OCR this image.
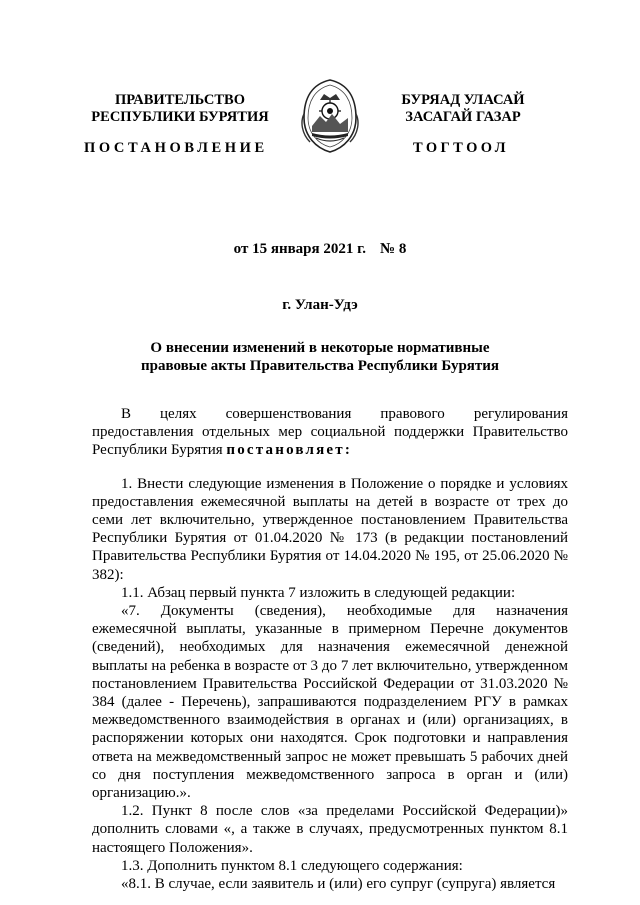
ПРАВИТЕЛЬСТВО
РЕСПУБЛИКИ БУРЯТИЯ
БУРЯАД УЛАСАЙ
ЗАСАГАЙ ГАЗАР
ПОСТАНОВЛЕНИЕ	ТОГТООЛ
от 15 января 2021 г. № 8
г. Улан-Удэ
О внесении изменений в некоторые нормативные
правовые акты Правительства Республики Бурятия

В целях совершенствования правового регулирования предоставления отдельных мер социальной поддержки Правительство Республики Бурятия постановляет:

1. Внести следующие изменения в Положение о порядке и условиях предоставления ежемесячной выплаты на детей в возрасте от трех до семи лет включительно, утвержденное постановлением Правительства Республики Бурятия от 01.04.2020 № 173 (в редакции постановлений Правительства Республики Бурятия от 14.04.2020 № 195, от 25.06.2020 № 382):

1.1. Абзац первый пункта 7 изложить в следующей редакции:

«7. Документы (сведения), необходимые для назначения ежемесячной выплаты, указанные в примерном Перечне документов (сведений), необходимых для назначения ежемесячной денежной выплаты на ребенка в возрасте от 3 до 7 лет включительно, утвержденном постановлением Правительства Российской Федерации от 31.03.2020 № 384 (далее - Перечень), запрашиваются подразделением РГУ в рамках межведомственного взаимодействия в органах и (или) организациях, в распоряжении которых они находятся. Срок подготовки и направления ответа на межведомственный запрос не может превышать 5 рабочих дней со дня поступления межведомственного запроса в орган и (или) организацию.».

1.2. Пункт 8 после слов «за пределами Российской Федерации)» дополнить словами «, а также в случаях, предусмотренных пунктом 8.1 настоящего Положения».

1.3. Дополнить пунктом 8.1 следующего содержания:

«8.1. В случае, если заявитель и (или) его супруг (супруга) является
